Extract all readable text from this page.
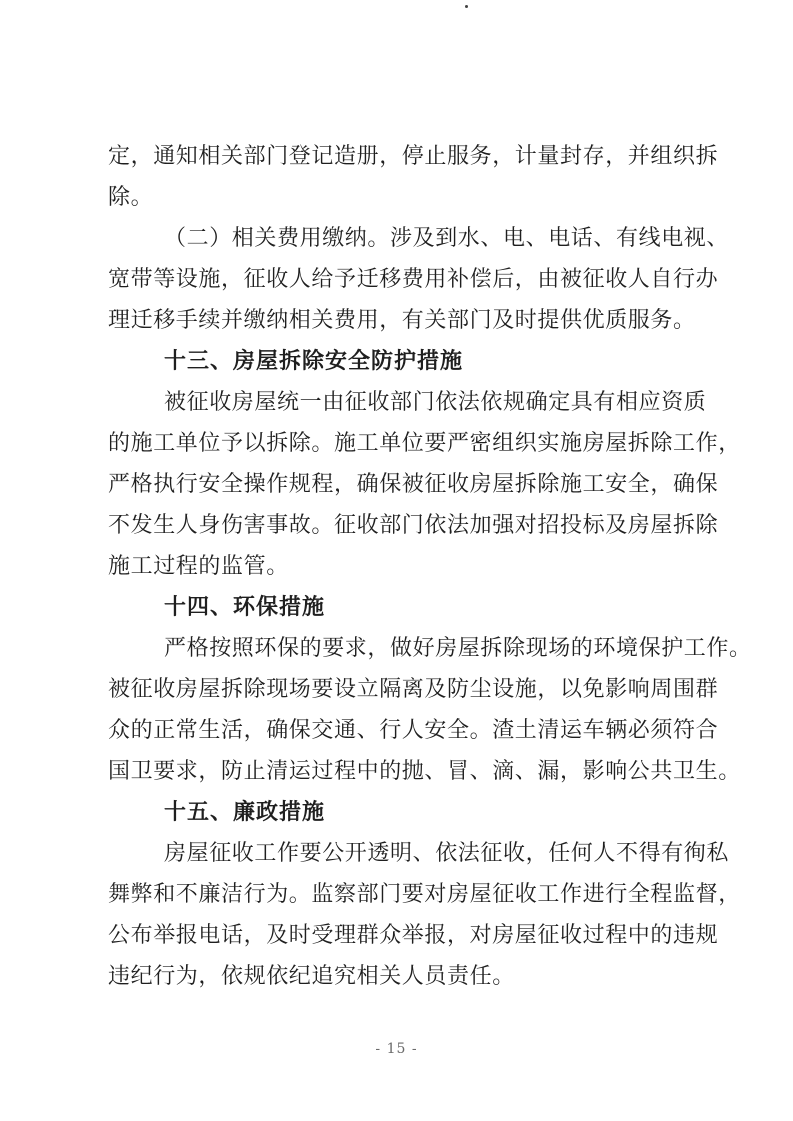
定，通知相关部门登记造册，停止服务，计量封存，并组织拆
除。
（二）相关费用缴纳。涉及到水、电、电话、有线电视、
宽带等设施，征收人给予迁移费用补偿后，由被征收人自行办
理迁移手续并缴纳相关费用，有关部门及时提供优质服务。
十三、房屋拆除安全防护措施
被征收房屋统一由征收部门依法依规确定具有相应资质
的施工单位予以拆除。施工单位要严密组织实施房屋拆除工作，
严格执行安全操作规程，确保被征收房屋拆除施工安全，确保
不发生人身伤害事故。征收部门依法加强对招投标及房屋拆除
施工过程的监管。
十四、环保措施
严格按照环保的要求，做好房屋拆除现场的环境保护工作。
被征收房屋拆除现场要设立隔离及防尘设施，以免影响周围群
众的正常生活，确保交通、行人安全。渣土清运车辆必须符合
国卫要求，防止清运过程中的抛、冒、滴、漏，影响公共卫生。
十五、廉政措施
房屋征收工作要公开透明、依法征收，任何人不得有徇私
舞弊和不廉洁行为。监察部门要对房屋征收工作进行全程监督，
公布举报电话，及时受理群众举报，对房屋征收过程中的违规
违纪行为，依规依纪追究相关人员责任。
- 15 -
